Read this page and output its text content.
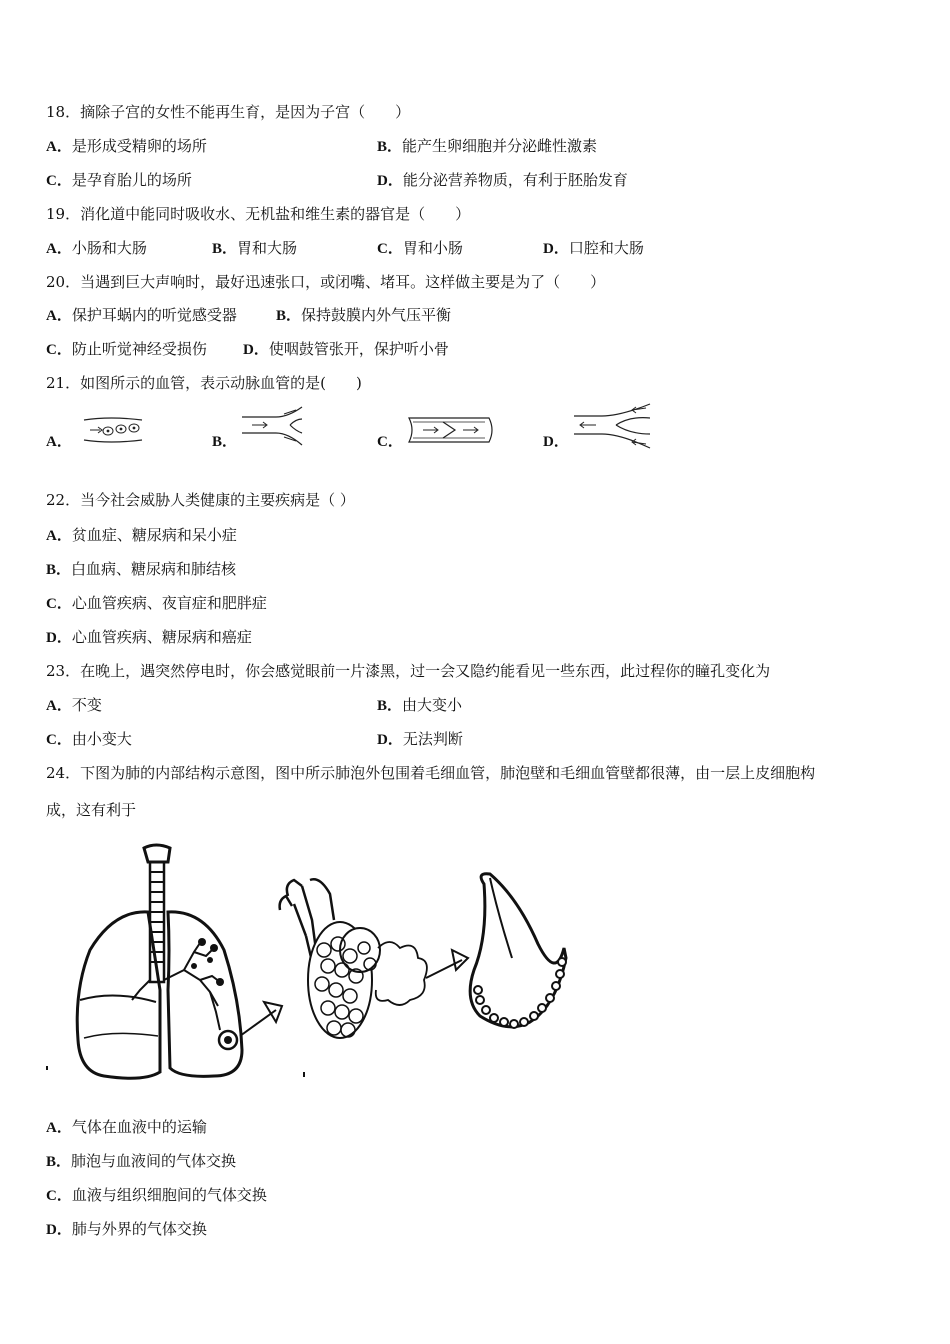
18．摘除子宫的女性不能再生育，是因为子宫（　　）
A．是形成受精卵的场所	B．能产生卵细胞并分泌雌性激素
C．是孕育胎儿的场所	D．能分泌营养物质，有利于胚胎发育
19．消化道中能同时吸收水、无机盐和维生素的器官是（　　）
A．小肠和大肠	B．胃和大肠	C．胃和小肠	D．口腔和大肠
20．当遇到巨大声响时，最好迅速张口，或闭嘴、堵耳。这样做主要是为了（　　）
A．保护耳蜗内的听觉感受器	B．保持鼓膜内外气压平衡
C．防止听觉神经受损伤 D．使咽鼓管张开，保护听小骨
21．如图所示的血管，表示动脉血管的是(　　)
A．	B．	C．	D．
22．当今社会威胁人类健康的主要疾病是（ ）
A．贫血症、糖尿病和呆小症
B．白血病、糖尿病和肺结核
C．心血管疾病、夜盲症和肥胖症
D．心血管疾病、糖尿病和癌症
23．在晚上，遇突然停电时，你会感觉眼前一片漆黑，过一会又隐约能看见一些东西，此过程你的瞳孔变化为
A．不变	B．由大变小
C．由小变大	D．无法判断
24．下图为肺的内部结构示意图，图中所示肺泡外包围着毛细血管，肺泡壁和毛细血管壁都很薄，由一层上皮细胞构
成，这有利于
A．气体在血液中的运输
B．肺泡与血液间的气体交换
C．血液与组织细胞间的气体交换
D．肺与外界的气体交换
